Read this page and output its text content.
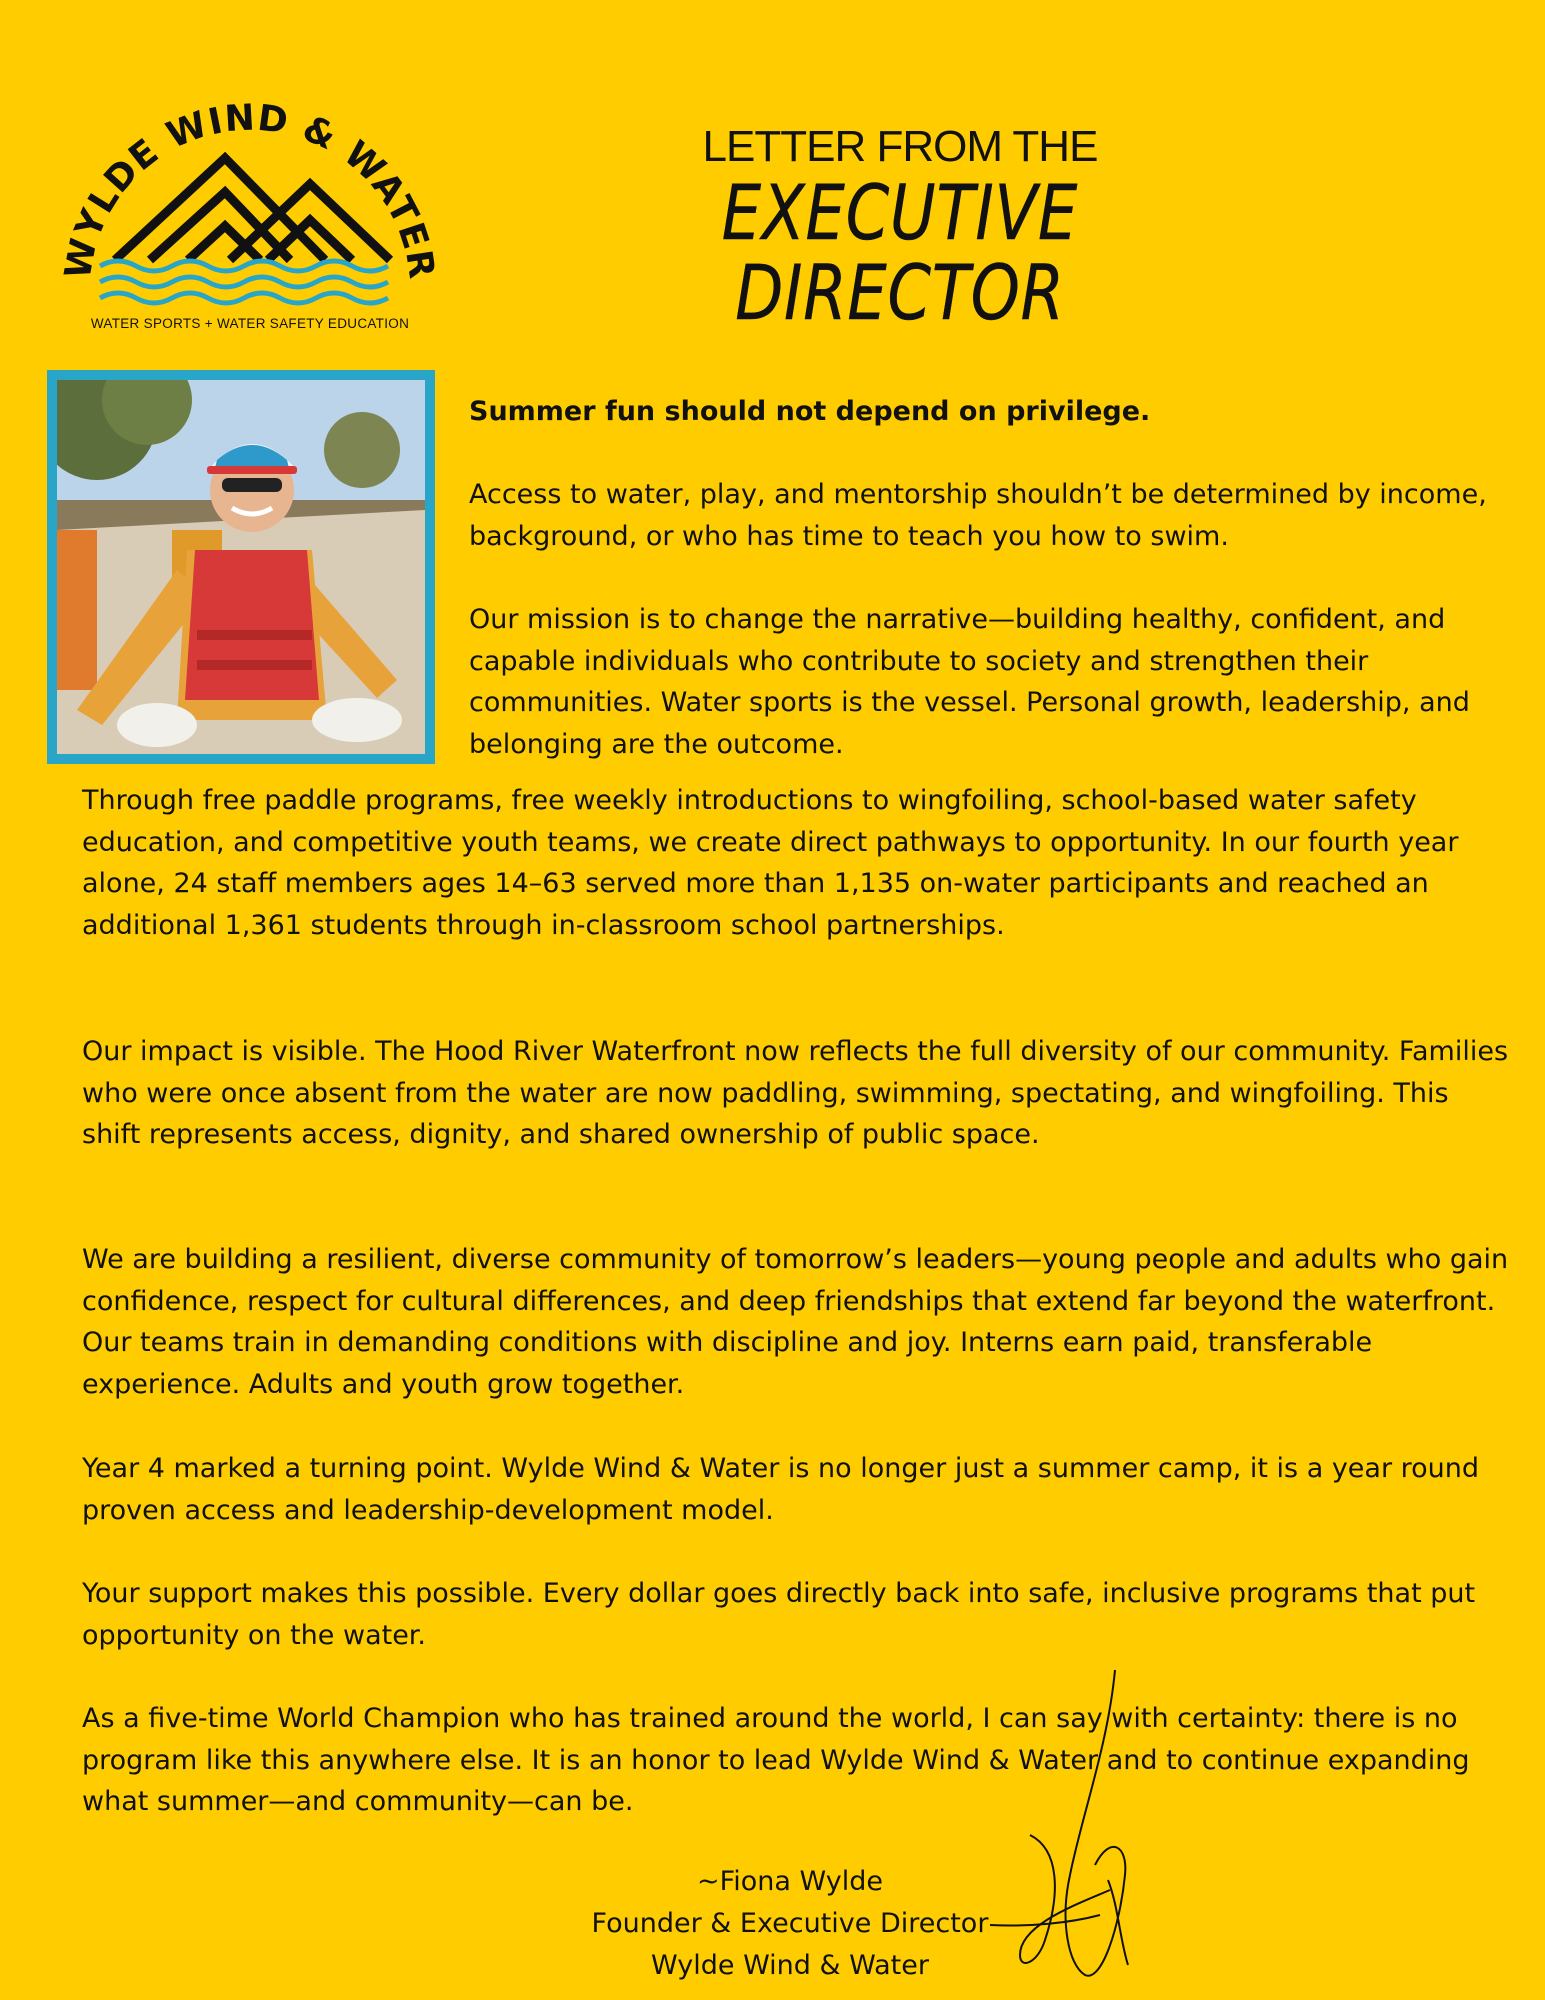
WYLDE WIND & WATER
WATER SPORTS + WATER SAFETY EDUCATION
LETTER FROM THE
EXECUTIVE DIRECTOR

Summer fun should not depend on privilege.

Access to water, play, and mentorship shouldn’t be determined by income, background, or who has time to teach you how to swim.

Our mission is to change the narrative—building healthy, confident, and capable individuals who contribute to society and strengthen their communities. Water sports is the vessel. Personal growth, leadership, and belonging are the outcome.

Through free paddle programs, free weekly introductions to wingfoiling, school-based water safety education, and competitive youth teams, we create direct pathways to opportunity. In our fourth year alone, 24 staff members ages 14–63 served more than 1,135 on-water participants and reached an additional 1,361 students through in-classroom school partnerships.

Our impact is visible. The Hood River Waterfront now reflects the full diversity of our community. Families who were once absent from the water are now paddling, swimming, spectating, and wingfoiling. This shift represents access, dignity, and shared ownership of public space.

We are building a resilient, diverse community of tomorrow’s leaders—young people and adults who gain confidence, respect for cultural differences, and deep friendships that extend far beyond the waterfront. Our teams train in demanding conditions with discipline and joy. Interns earn paid, transferable experience. Adults and youth grow together.

Year 4 marked a turning point. Wylde Wind & Water is no longer just a summer camp, it is a year round proven access and leadership-development model.

Your support makes this possible. Every dollar goes directly back into safe, inclusive programs that put opportunity on the water.

As a five-time World Champion who has trained around the world, I can say with certainty: there is no program like this anywhere else. It is an honor to lead Wylde Wind & Water and to continue expanding what summer—and community—can be.

~Fiona Wylde
Founder & Executive Director
Wylde Wind & Water
